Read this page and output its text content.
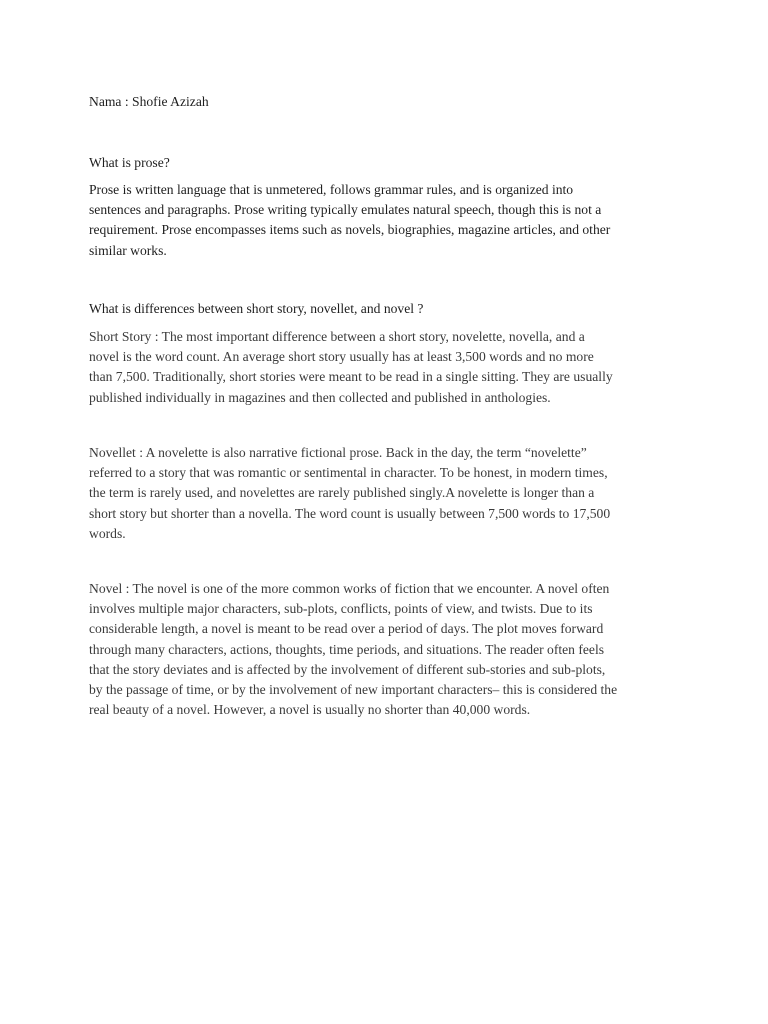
Nama : Shofie Azizah

What is prose?

Prose is written language that is unmetered, follows grammar rules, and is organized into
sentences and paragraphs. Prose writing typically emulates natural speech, though this is not a
requirement. Prose encompasses items such as novels, biographies, magazine articles, and other
similar works.

What is differences between short story, novellet, and novel ?

Short Story : The most important difference between a short story, novelette, novella, and a
novel is the word count. An average short story usually has at least 3,500 words and no more
than 7,500. Traditionally, short stories were meant to be read in a single sitting. They are usually
published individually in magazines and then collected and published in anthologies.
Novellet : A novelette is also narrative fictional prose. Back in the day, the term “novelette”
referred to a story that was romantic or sentimental in character. To be honest, in modern times,
the term is rarely used, and novelettes are rarely published singly.A novelette is longer than a
short story but shorter than a novella. The word count is usually between 7,500 words to 17,500
words.
Novel : The novel is one of the more common works of fiction that we encounter. A novel often
involves multiple major characters, sub-plots, conflicts, points of view, and twists. Due to its
considerable length, a novel is meant to be read over a period of days. The plot moves forward
through many characters, actions, thoughts, time periods, and situations. The reader often feels
that the story deviates and is affected by the involvement of different sub-stories and sub-plots,
by the passage of time, or by the involvement of new important characters– this is considered the
real beauty of a novel. However, a novel is usually no shorter than 40,000 words.
